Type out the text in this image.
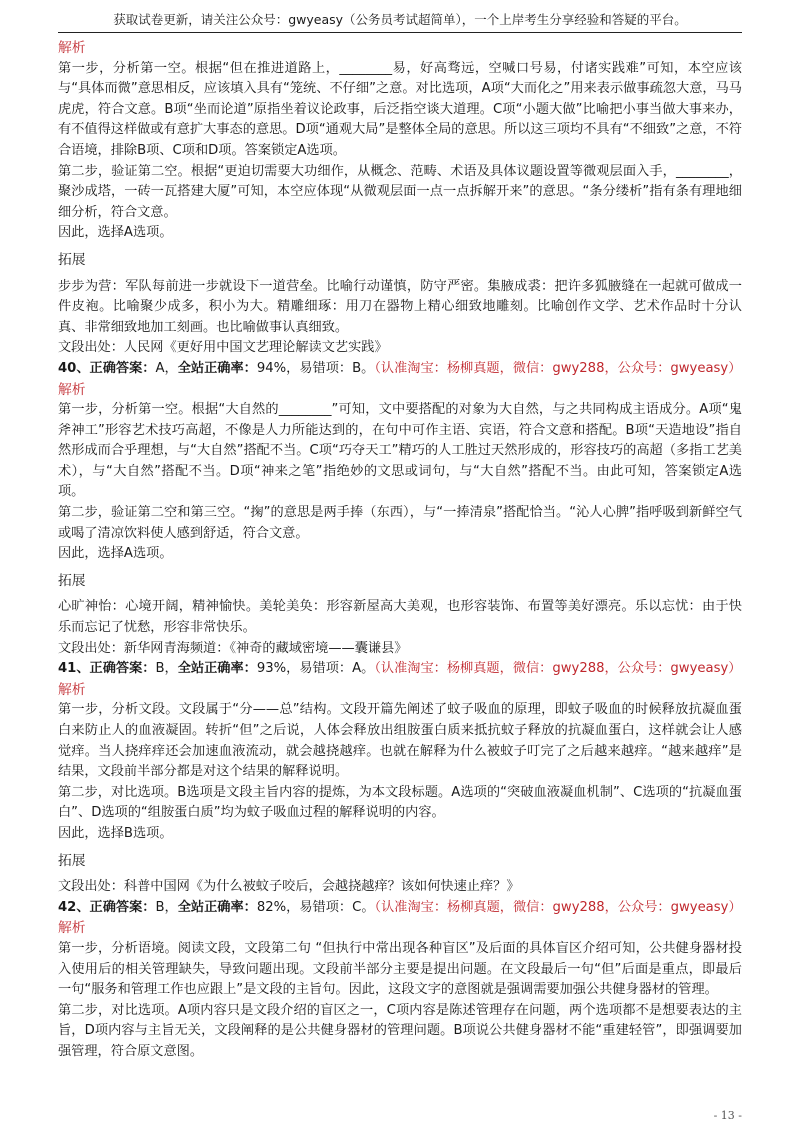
获取试卷更新，请关注公众号：gwyeasy（公务员考试超简单），一个上岸考生分享经验和答疑的平台。

解析

第一步，分析第一空。根据“但在推进道路上，________易，好高骛远，空喊口号易，付诸实践难”可知，本空应该与“具体而微”意思相反，应该填入具有“笼统、不仔细”之意。对比选项，A项“大而化之”用来表示做事疏忽大意，马马虎虎，符合文意。B项“坐而论道”原指坐着议论政事，后泛指空谈大道理。C项“小题大做”比喻把小事当做大事来办，有不值得这样做或有意扩大事态的意思。D项“通观大局”是整体全局的意思。所以这三项均不具有“不细致”之意，不符合语境，排除B项、C项和D项。答案锁定A选项。

第二步，验证第二空。根据“更迫切需要大功细作，从概念、范畴、术语及具体议题设置等微观层面入手，________，聚沙成塔，一砖一瓦搭建大厦”可知，本空应体现“从微观层面一点一点拆解开来”的意思。“条分缕析”指有条有理地细细分析，符合文意。

因此，选择A选项。

拓展

步步为营：军队每前进一步就设下一道营垒。比喻行动谨慎，防守严密。集腋成裘：把许多狐腋缝在一起就可做成一件皮袍。比喻聚少成多，积小为大。精雕细琢：用刀在器物上精心细致地雕刻。比喻创作文学、艺术作品时十分认真、非常细致地加工刻画。也比喻做事认真细致。

文段出处：人民网《更好用中国文艺理论解读文艺实践》

40、正确答案：A，全站正确率：94%，易错项：B。（认准淘宝：杨柳真题，微信：gwy288，公众号：gwyeasy）

解析

第一步，分析第一空。根据“大自然的________”可知，文中要搭配的对象为大自然，与之共同构成主语成分。A项“鬼斧神工”形容艺术技巧高超，不像是人力所能达到的，在句中可作主语、宾语，符合文意和搭配。B项“天造地设”指自然形成而合乎理想，与“大自然”搭配不当。C项“巧夺天工”精巧的人工胜过天然形成的，形容技巧的高超（多指工艺美术），与“大自然”搭配不当。D项“神来之笔”指绝妙的文思或词句，与“大自然”搭配不当。由此可知，答案锁定A选项。

第二步，验证第二空和第三空。“掬”的意思是两手捧（东西），与“一捧清泉”搭配恰当。“沁人心脾”指呼吸到新鲜空气或喝了清凉饮料使人感到舒适，符合文意。

因此，选择A选项。

拓展

心旷神怡：心境开阔，精神愉快。美轮美奂：形容新屋高大美观，也形容装饰、布置等美好漂亮。乐以忘忧：由于快乐而忘记了忧愁，形容非常快乐。

文段出处：新华网青海频道：《神奇的藏域密境——囊谦县》

41、正确答案：B，全站正确率：93%，易错项：A。（认准淘宝：杨柳真题，微信：gwy288，公众号：gwyeasy）

解析

第一步，分析文段。文段属于“分——总”结构。文段开篇先阐述了蚊子吸血的原理，即蚊子吸血的时候释放抗凝血蛋白来防止人的血液凝固。转折“但”之后说，人体会释放出组胺蛋白质来抵抗蚊子释放的抗凝血蛋白，这样就会让人感觉痒。当人挠痒痒还会加速血液流动，就会越挠越痒。也就在解释为什么被蚊子叮完了之后越来越痒。“越来越痒”是结果，文段前半部分都是对这个结果的解释说明。

第二步，对比选项。B选项是文段主旨内容的提炼，为本文段标题。A选项的“突破血液凝血机制”、C选项的“抗凝血蛋白”、D选项的“组胺蛋白质”均为蚊子吸血过程的解释说明的内容。

因此，选择B选项。

拓展

文段出处：科普中国网《为什么被蚊子咬后，会越挠越痒？该如何快速止痒？》

42、正确答案：B，全站正确率：82%，易错项：C。（认准淘宝：杨柳真题，微信：gwy288，公众号：gwyeasy）

解析

第一步，分析语境。阅读文段，文段第二句 “但执行中常出现各种盲区”及后面的具体盲区介绍可知，公共健身器材投入使用后的相关管理缺失，导致问题出现。文段前半部分主要是提出问题。在文段最后一句“但”后面是重点，即最后一句“服务和管理工作也应跟上”是文段的主旨句。因此，这段文字的意图就是强调需要加强公共健身器材的管理。

第二步，对比选项。A项内容只是文段介绍的盲区之一，C项内容是陈述管理存在问题，两个选项都不是想要表达的主旨，D项内容与主旨无关，文段阐释的是公共健身器材的管理问题。B项说公共健身器材不能“重建轻管”，即强调要加强管理，符合原文意图。

- 13 -
